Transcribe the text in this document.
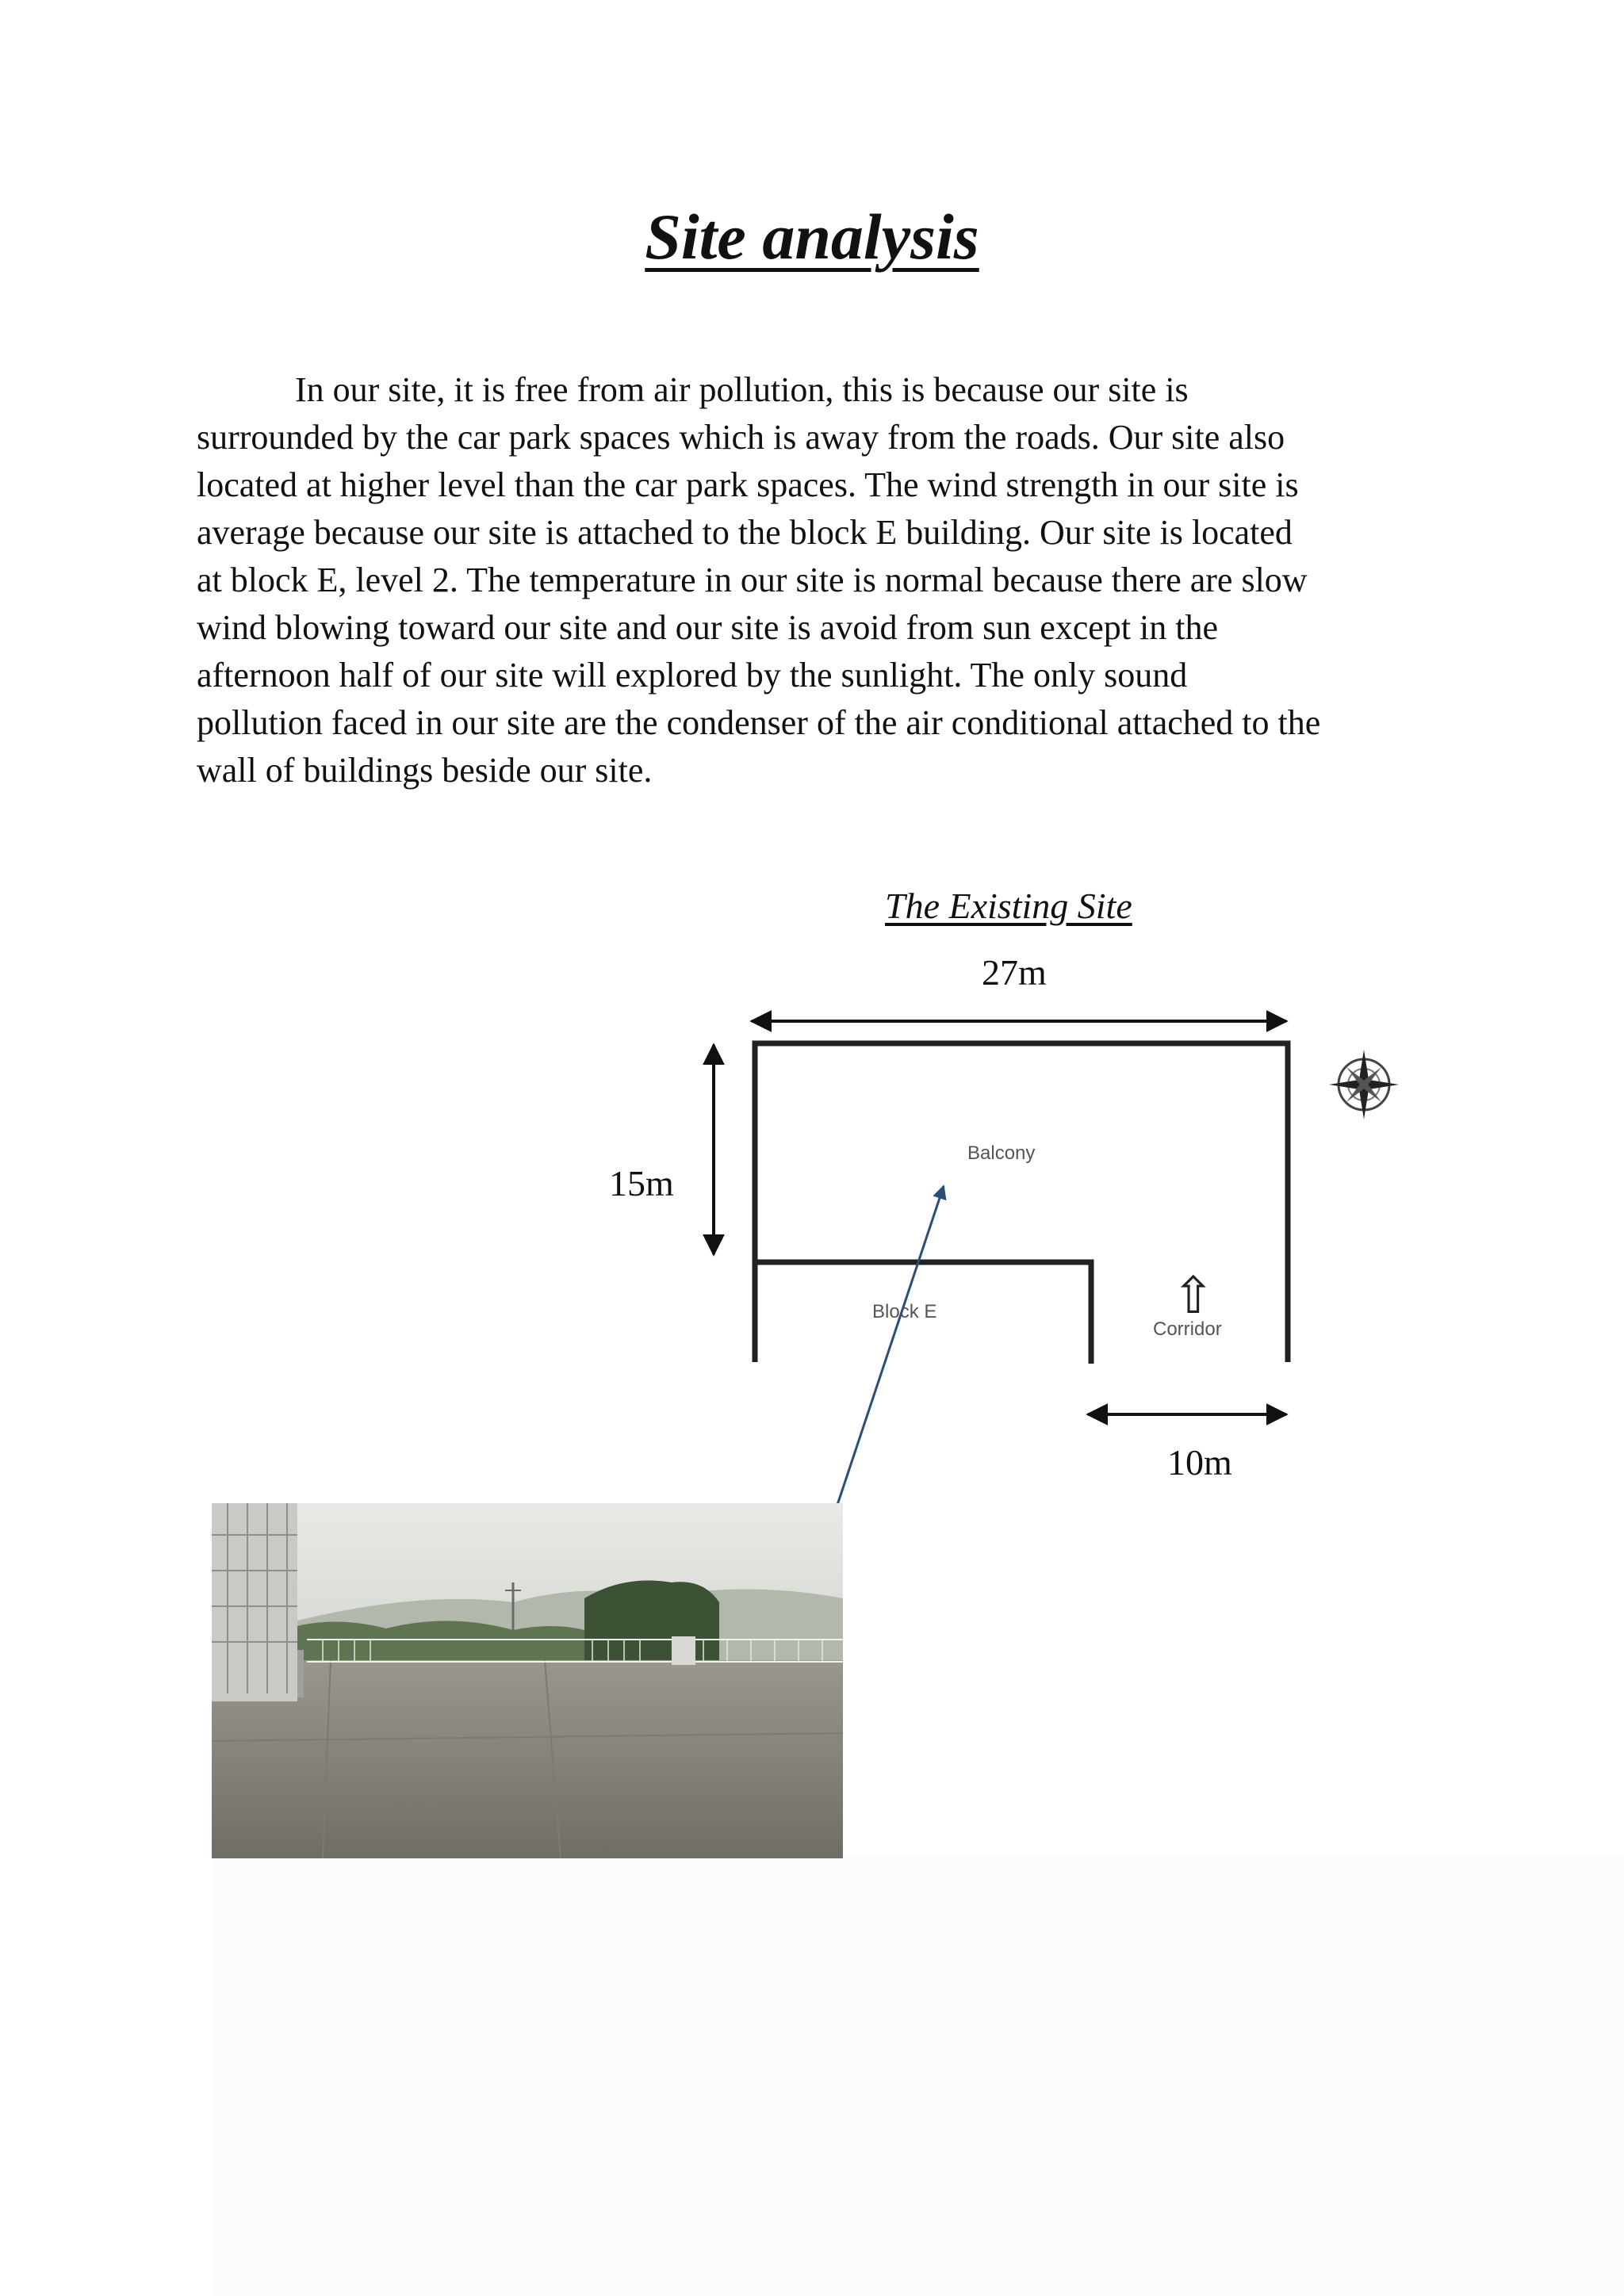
Site analysis
In our site, it is free from air pollution, this is because our site is
surrounded by the car park spaces which is away from the roads. Our site also
located at higher level than the car park spaces. The wind strength in our site is
average because our site is attached to the block E building. Our site is located
at block E, level 2. The temperature in our site is normal because there are slow
wind blowing toward our site and our site is avoid from sun except in the
afternoon half of our site will explored by the sunlight. The only sound
pollution faced in our site are the condenser of the air conditional attached to the
wall of buildings beside our site.
The Existing Site
27m
15m
10m
Balcony
Block E
Corridor
⇧
